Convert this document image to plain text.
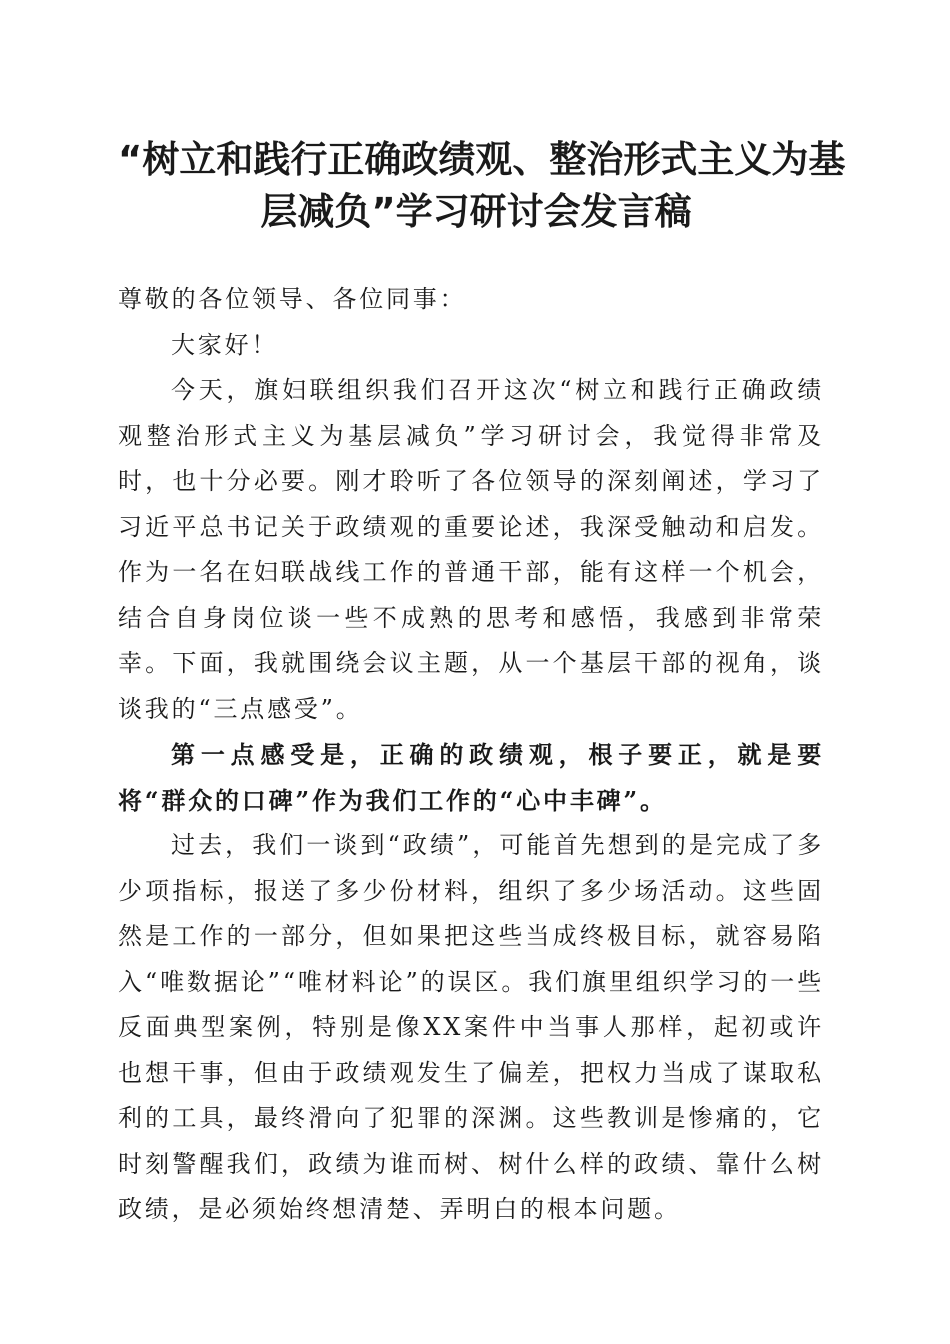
“树立和践行正确政绩观、整治形式主义为基
层减负”学习研讨会发言稿

尊敬的各位领导、各位同事：

大家好！

今天，旗妇联组织我们召开这次“树立和践行正确政绩观整治形式主义为基层减负”学习研讨会，我觉得非常及时，也十分必要。刚才聆听了各位领导的深刻阐述，学习了习近平总书记关于政绩观的重要论述，我深受触动和启发。作为一名在妇联战线工作的普通干部，能有这样一个机会，结合自身岗位谈一些不成熟的思考和感悟，我感到非常荣幸。下面，我就围绕会议主题，从一个基层干部的视角，谈谈我的“三点感受”。

第一点感受是，正确的政绩观，根子要正，就是要将“群众的口碑”作为我们工作的“心中丰碑”。

过去，我们一谈到“政绩”，可能首先想到的是完成了多少项指标，报送了多少份材料，组织了多少场活动。这些固然是工作的一部分，但如果把这些当成终极目标，就容易陷入“唯数据论”“唯材料论”的误区。我们旗里组织学习的一些反面典型案例，特别是像XX案件中当事人那样，起初或许也想干事，但由于政绩观发生了偏差，把权力当成了谋取私利的工具，最终滑向了犯罪的深渊。这些教训是惨痛的，它时刻警醒我们，政绩为谁而树、树什么样的政绩、靠什么树政绩，是必须始终想清楚、弄明白的根本问题。
